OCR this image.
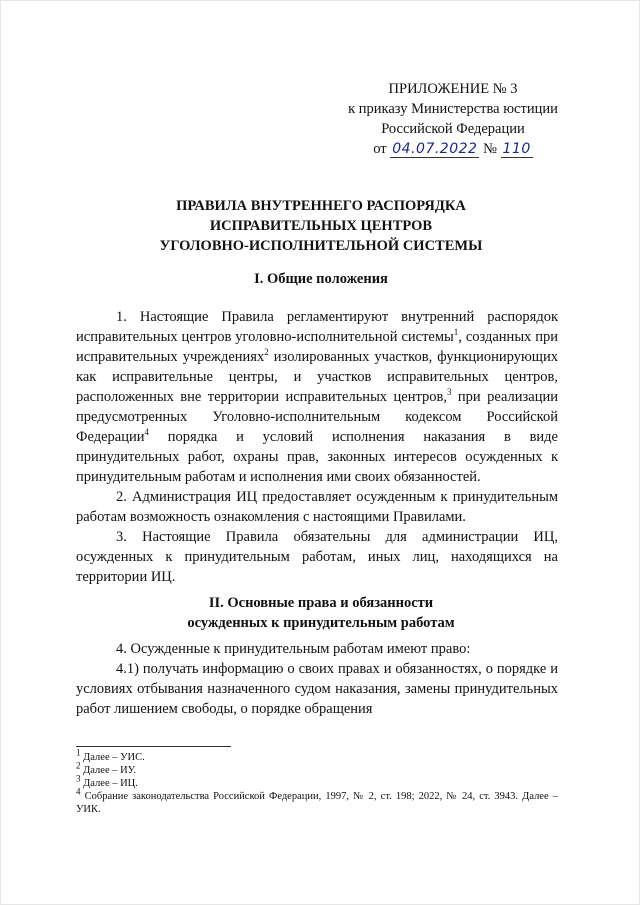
ПРИЛОЖЕНИЕ № 3
к приказу Министерства юстиции
Российской Федерации
от 04.07.2022 № 110
ПРАВИЛА ВНУТРЕННЕГО РАСПОРЯДКА
ИСПРАВИТЕЛЬНЫХ ЦЕНТРОВ
УГОЛОВНО-ИСПОЛНИТЕЛЬНОЙ СИСТЕМЫ
I. Общие положения

1. Настоящие Правила регламентируют внутренний распорядок исправительных центров уголовно-исполнительной системы$^1$, созданных при исправительных учреждениях$^2$ изолированных участков, функционирующих как исправительные центры, и участков исправительных центров, расположенных вне территории исправительных центров,$^3$ при реализации предусмотренных Уголовно-исполнительным кодексом Российской Федерации$^4$ порядка и условий исполнения наказания в виде принудительных работ, охраны прав, законных интересов осужденных к принудительным работам и исполнения ими своих обязанностей.

2. Администрация ИЦ предоставляет осужденным к принудительным работам возможность ознакомления с настоящими Правилами.

3. Настоящие Правила обязательны для администрации ИЦ, осужденных к принудительным работам, иных лиц, находящихся на территории ИЦ.

II. Основные права и обязанности
осужденных к принудительным работам

4. Осужденные к принудительным работам имеют право:

4.1) получать информацию о своих правах и обязанностях, о порядке и условиях отбывания назначенного судом наказания, замены принудительных работ лишением свободы, о порядке обращения

$^1$ Далее – УИС.

$^2$ Далее – ИУ.

$^3$ Далее – ИЦ.

$^4$ Собрание законодательства Российской Федерации, 1997, № 2, ст. 198; 2022, № 24, ст. 3943. Далее – УИК.
